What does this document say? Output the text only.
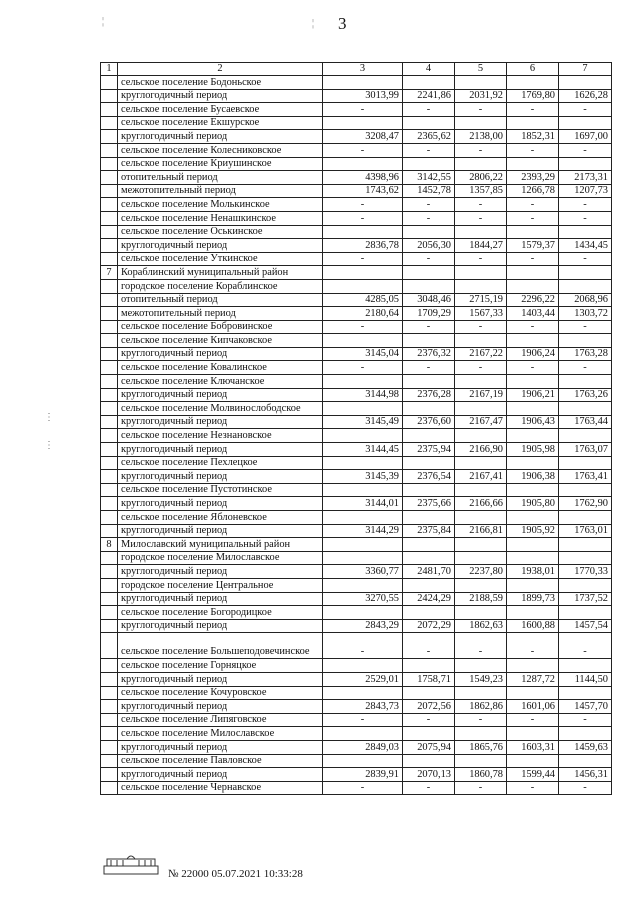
3
¦	¦
⋮
⋮
1	2	3	4	5	6	7
	сельское поселение Бодоньское					
	круглогодичный период	3013,99	2241,86	2031,92	1769,80	1626,28
	сельское поселение Бусаевское	-	-	-	-	-
	сельское поселение Екшурское					
	круглогодичный период	3208,47	2365,62	2138,00	1852,31	1697,00
	сельское поселение Колесниковское	-	-	-	-	-
	сельское поселение Криушинское					
	отопительный период	4398,96	3142,55	2806,22	2393,29	2173,31
	межотопительный период	1743,62	1452,78	1357,85	1266,78	1207,73
	сельское поселение Молькинское	-	-	-	-	-
	сельское поселение Ненашкинское	-	-	-	-	-
	сельское поселение Оськинское					
	круглогодичный период	2836,78	2056,30	1844,27	1579,37	1434,45
	сельское поселение Уткинское	-	-	-	-	-
7	Кораблинский муниципальный район					
	городское поселение Кораблинское					
	отопительный период	4285,05	3048,46	2715,19	2296,22	2068,96
	межотопительный период	2180,64	1709,29	1567,33	1403,44	1303,72
	сельское поселение Бобровинское	-	-	-	-	-
	сельское поселение Кипчаковское					
	круглогодичный период	3145,04	2376,32	2167,22	1906,24	1763,28
	сельское поселение Ковалинское	-	-	-	-	-
	сельское поселение Ключанское					
	круглогодичный период	3144,98	2376,28	2167,19	1906,21	1763,26
	сельское поселение Молвинослободское					
	круглогодичный период	3145,49	2376,60	2167,47	1906,43	1763,44
	сельское поселение Незнановское					
	круглогодичный период	3144,45	2375,94	2166,90	1905,98	1763,07
	сельское поселение Пехлецкое					
	круглогодичный период	3145,39	2376,54	2167,41	1906,38	1763,41
	сельское поселение Пустотинское					
	круглогодичный период	3144,01	2375,66	2166,66	1905,80	1762,90
	сельское поселение Яблоневское					
	круглогодичный период	3144,29	2375,84	2166,81	1905,92	1763,01
8	Милославский муниципальный район					
	городское поселение Милославское					
	круглогодичный период	3360,77	2481,70	2237,80	1938,01	1770,33
	городское поселение Центральное					
	круглогодичный период	3270,55	2424,29	2188,59	1899,73	1737,52
	сельское поселение Богородицкое					
	круглогодичный период	2843,29	2072,29	1862,63	1600,88	1457,54
	сельское поселение Большеподовечинское	-	-	-	-	-
	сельское поселение Горняцкое					
	круглогодичный период	2529,01	1758,71	1549,23	1287,72	1144,50
	сельское поселение Кочуровское					
	круглогодичный период	2843,73	2072,56	1862,86	1601,06	1457,70
	сельское поселение Липяговское	-	-	-	-	-
	сельское поселение Милославское					
	круглогодичный период	2849,03	2075,94	1865,76	1603,31	1459,63
	сельское поселение Павловское					
	круглогодичный период	2839,91	2070,13	1860,78	1599,44	1456,31
	сельское поселение Чернавское	-	-	-	-	-
№ 22000 05.07.2021 10:33:28
